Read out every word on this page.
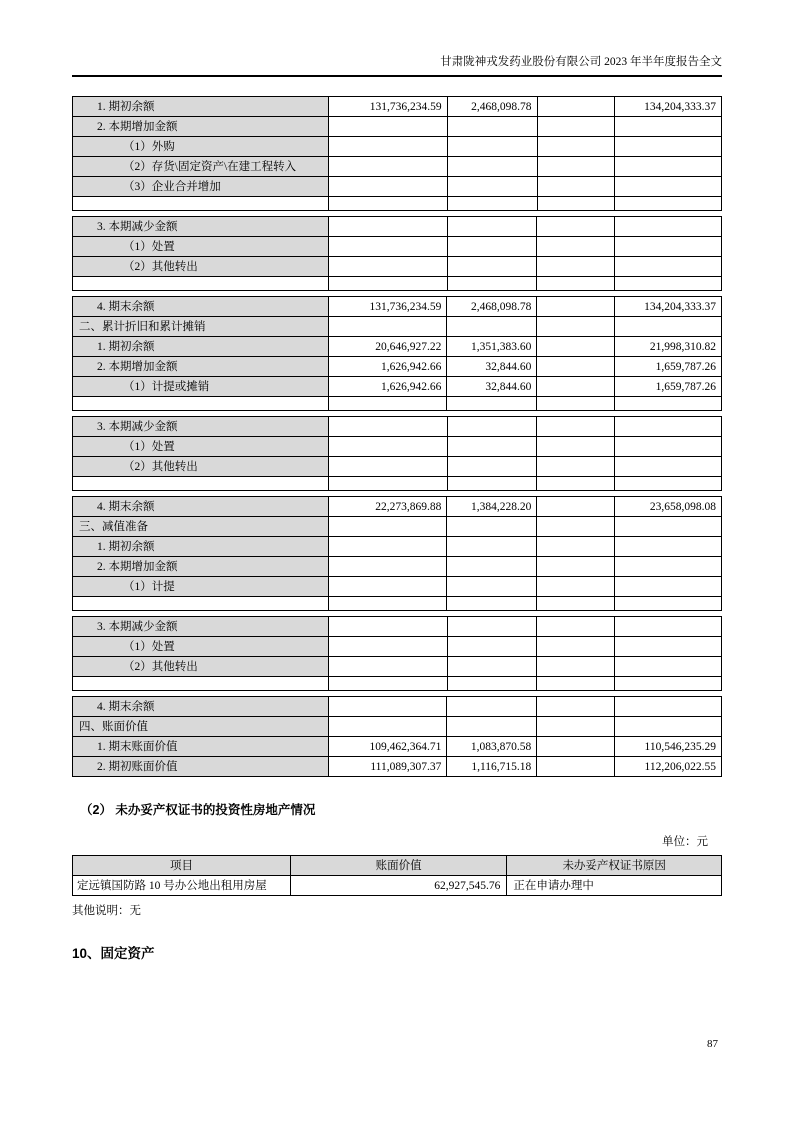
甘肃陇神戎发药业股份有限公司 2023 年半年度报告全文
1. 期初余额	131,736,234.59	2,468,098.78		134,204,333.37
2. 本期增加金额				
（1）外购				
（2）存货\固定资产\在建工程转入				
（3）企业合并增加				

3. 本期减少金额				
（1）处置				
（2）其他转出				

4. 期末余额	131,736,234.59	2,468,098.78		134,204,333.37
二、累计折旧和累计摊销				
1. 期初余额	20,646,927.22	1,351,383.60		21,998,310.82
2. 本期增加金额	1,626,942.66	32,844.60		1,659,787.26
（1）计提或摊销	1,626,942.66	32,844.60		1,659,787.26

3. 本期减少金额				
（1）处置				
（2）其他转出				

4. 期末余额	22,273,869.88	1,384,228.20		23,658,098.08
三、减值准备				
1. 期初余额				
2. 本期增加金额				
（1）计提				

3. 本期减少金额				
（1）处置				
（2）其他转出				

4. 期末余额				
四、账面价值				
1. 期末账面价值	109,462,364.71	1,083,870.58		110,546,235.29
2. 期初账面价值	111,089,307.37	1,116,715.18		112,206,022.55
（2） 未办妥产权证书的投资性房地产情况
单位：元
项目	账面价值	未办妥产权证书原因
定远镇国防路 10 号办公地出租用房屋	62,927,545.76	正在申请办理中
其他说明：无
10、固定资产
87
